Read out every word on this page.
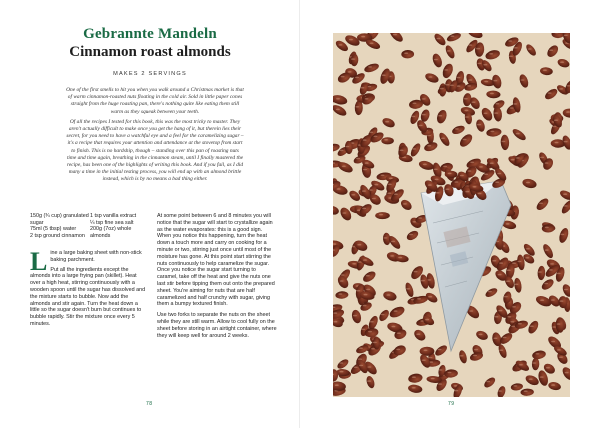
Gebrannte Mandeln
Cinnamon roast almonds
MAKES 2 SERVINGS

One of the first smells to hit you when you walk around a Christmas market is that of warm cinnamon-roasted nuts floating in the cold air. Sold in little paper cones straight from the huge roasting pan, there's nothing quite like eating them still warm as they squeak between your teeth.

Of all the recipes I tested for this book, this was the most tricky to master. They aren't actually difficult to make once you get the hang of it, but therein lies their secret, for you need to have a watchful eye and a feel for the caramelizing sugar – it's a recipe that requires your attention and attendance at the stovetop from start to finish. This is no hardship, though – standing over this pan of roasting nuts time and time again, breathing in the cinnamon steam, until I finally mastered the recipe, has been one of the highlights of writing this book. And if you fail, as I did many a time in the initial testing process, you will end up with an almond brittle instead, which is by no means a bad thing either.

150g (¾ cup) granulated sugar
75ml (5 tbsp) water
2 tsp ground cinnamon
1 tsp vanilla extract
¼ tsp fine sea salt
200g (7oz) whole almonds

Line a large baking sheet with non-stick baking parchment.

Put all the ingredients except the almonds into a large frying pan (skillet). Heat over a high heat, stirring continuously with a wooden spoon until the sugar has dissolved and the mixture starts to bubble. Now add the almonds and stir again. Turn the heat down a little so the sugar doesn't burn but continues to bubble rapidly. Stir the mixture once every 5 minutes.

At some point between 6 and 8 minutes you will notice that the sugar will start to crystallize again as the water evaporates: this is a good sign. When you notice this happening, turn the heat down a touch more and carry on cooking for a minute or two, stirring just once until most of the moisture has gone. At this point start stirring the nuts continuously to help caramelize the sugar. Once you notice the sugar start turning to caramel, take off the heat and give the nuts one last stir before tipping them out onto the prepared sheet. You're aiming for nuts that are half caramelized and half crunchy with sugar, giving them a bumpy textured finish.

Use two forks to separate the nuts on the sheet while they are still warm. Allow to cool fully on the sheet before storing in an airtight container, where they will keep well for around 2 weeks.

78	79
